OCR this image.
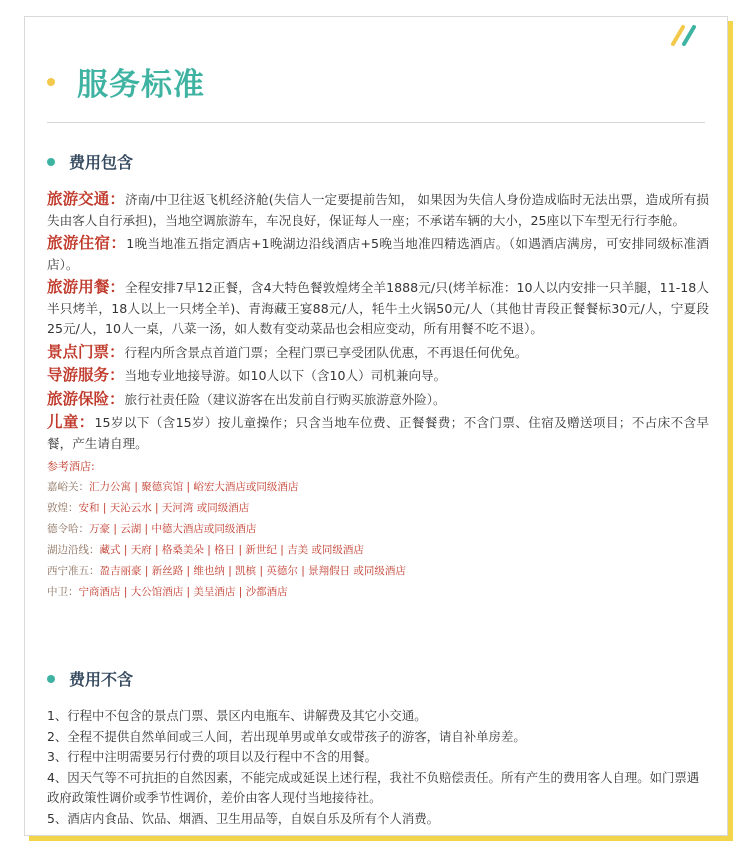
服务标准
费用包含

旅游交通：济南/中卫往返飞机经济舱(失信人一定要提前告知， 如果因为失信人身份造成临时无法出票，造成所有损失由客人自行承担)，当地空调旅游车，车况良好，保证每人一座；不承诺车辆的大小，25座以下车型无行行李舱。

旅游住宿：1晚当地准五指定酒店+1晚湖边沿线酒店+5晚当地准四精选酒店。（如遇酒店满房，可安排同级标准酒店）。

旅游用餐：全程安排7早12正餐，含4大特色餐敦煌烤全羊1888元/只(烤羊标准：10人以内安排一只羊腿，11-18人半只烤羊，18人以上一只烤全羊)、青海藏王宴88元/人，牦牛土火锅50元/人（其他甘青段正餐餐标30元/人，宁夏段25元/人，10人一桌，八菜一汤，如人数有变动菜品也会相应变动，所有用餐不吃不退）。

景点门票：行程内所含景点首道门票；全程门票已享受团队优惠，不再退任何优免。

导游服务：当地专业地接导游。如10人以下（含10人）司机兼向导。

旅游保险：旅行社责任险（建议游客在出发前自行购买旅游意外险）。

儿童：15岁以下（含15岁）按儿童操作；只含当地车位费、正餐餐费；不含门票、住宿及赠送项目；不占床不含早餐，产生请自理。

参考酒店:
嘉峪关：汇力公寓 | 聚德宾馆 | 峪宏大酒店或同级酒店
敦煌：安和 | 天沁云水 | 天河湾 或同级酒店
德令哈：万豪 | 云湖 | 中德大酒店或同级酒店
湖边沿线：藏式 | 天府 | 格桑美朵 | 格日 | 新世纪 | 吉美 或同级酒店
西宁准五：盈吉丽豪 | 新丝路 | 维也纳 | 凯槟 | 英德尔 | 景翔假日 或同级酒店
中卫：宁商酒店 | 大公馆酒店 | 美呈酒店 | 沙都酒店
费用不含
1、行程中不包含的景点门票、景区内电瓶车、讲解费及其它小交通。
2、全程不提供自然单间或三人间，若出现单男或单女或带孩子的游客，请自补单房差。
3、行程中注明需要另行付费的项目以及行程中不含的用餐。
4、因天气等不可抗拒的自然因素，不能完成或延误上述行程，我社不负赔偿责任。所有产生的费用客人自理。如门票遇政府政策性调价或季节性调价，差价由客人现付当地接待社。
5、酒店内食品、饮品、烟酒、卫生用品等，自娱自乐及所有个人消费。
